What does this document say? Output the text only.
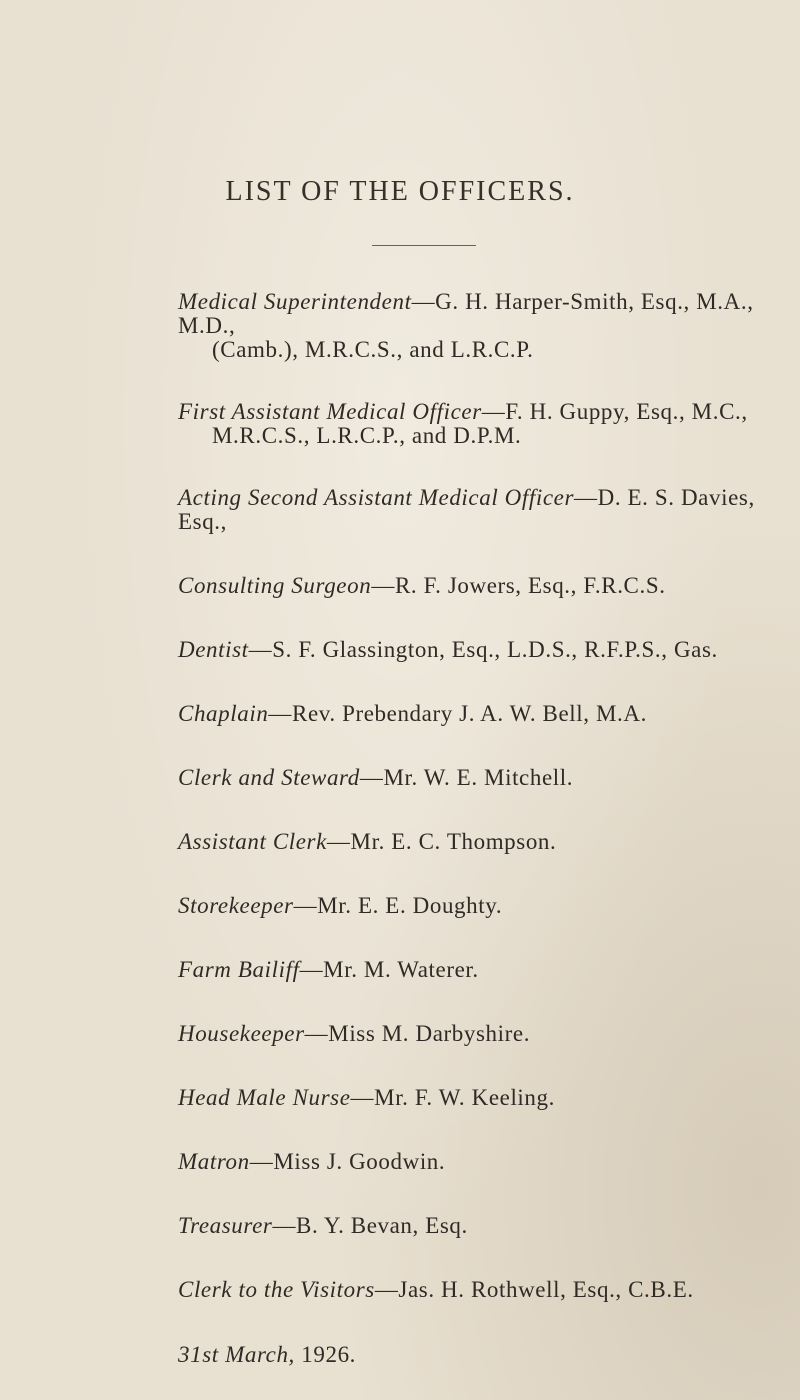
LIST OF THE OFFICERS.

Medical Superintendent—G. H. Harper-Smith, Esq., M.A., M.D.,
(Camb.), M.R.C.S., and L.R.C.P.

First Assistant Medical Officer—F. H. Guppy, Esq., M.C.,
M.R.C.S., L.R.C.P., and D.P.M.

Acting Second Assistant Medical Officer—D. E. S. Davies, Esq.,

Consulting Surgeon—R. F. Jowers, Esq., F.R.C.S.

Dentist—S. F. Glassington, Esq., L.D.S., R.F.P.S., Gas.

Chaplain—Rev. Prebendary J. A. W. Bell, M.A.

Clerk and Steward—Mr. W. E. Mitchell.

Assistant Clerk—Mr. E. C. Thompson.

Storekeeper—Mr. E. E. Doughty.

Farm Bailiff—Mr. M. Waterer.

Housekeeper—Miss M. Darbyshire.

Head Male Nurse—Mr. F. W. Keeling.

Matron—Miss J. Goodwin.

Treasurer—B. Y. Bevan, Esq.

Clerk to the Visitors—Jas. H. Rothwell, Esq., C.B.E.

31st March, 1926.
